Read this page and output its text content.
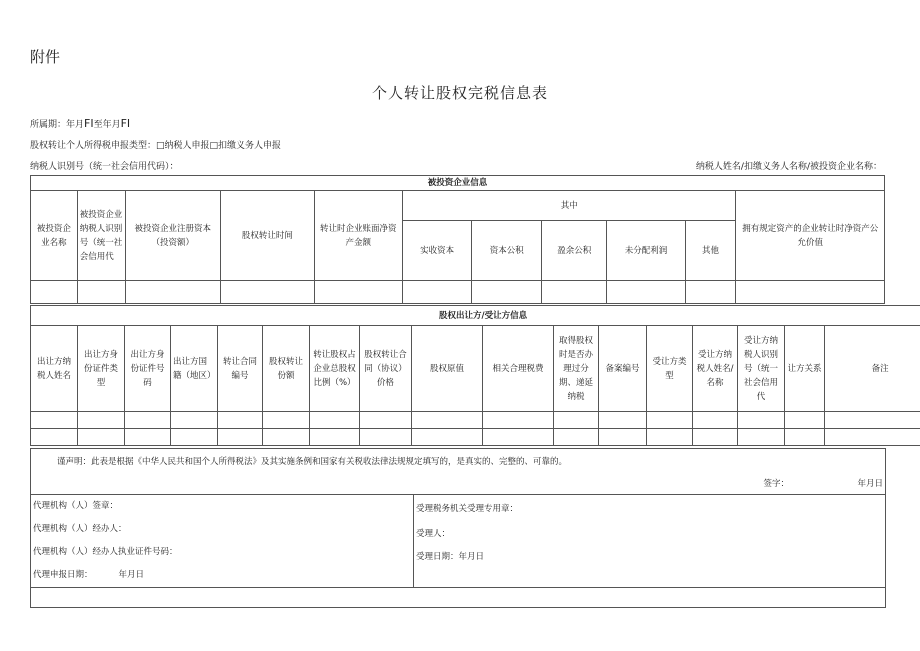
附件
个人转让股权完税信息表
所属期：年月FI至年月FI
股权转让个人所得税申报类型：□纳税人申报□扣缴义务人申报
纳税人识别号（统一社会信用代码）：	纳税人姓名/扣缴义务人名称/被投资企业名称：
被投资企业信息										
被投资企业名称	被投资企业纳税人识别号（统一社会信用代	被投资企业注册资本（投资额）	股权转让时间	转让时企业账面净资产金额	其中					拥有规定资产的企业转让时净资产公允价值
					实收资本	资本公积	盈余公积	未分配利润	其他	

股权出让方/受让方信息																
出让方纳税人姓名	出让方身份证件类型	出让方身份证件号码	出让方国籍（地区）	转让合同编号	股权转让份额	转让股权占企业总股权比例（%）	股权转让合同（协议）价格	股权原值	相关合理税费	取得股权时是否办理过分期、递延纳税	备案编号	受让方类型	受让方纳税人姓名/名称	受让方纳税人识别号（统一社会信用代	让方关系	备注

谨声明：此表是根据《中华人民共和国个人所得税法》及其实施条例和国家有关税收法律法规规定填写的，是真实的、完整的、可靠的。
签字：	年月日

代理机构（人）签章：
代理机构（人）经办人：
代理机构（人）经办人执业证件号码：
代理申报日期：	年月日

受理税务机关受理专用章：
受理人：
受理日期：年月日
